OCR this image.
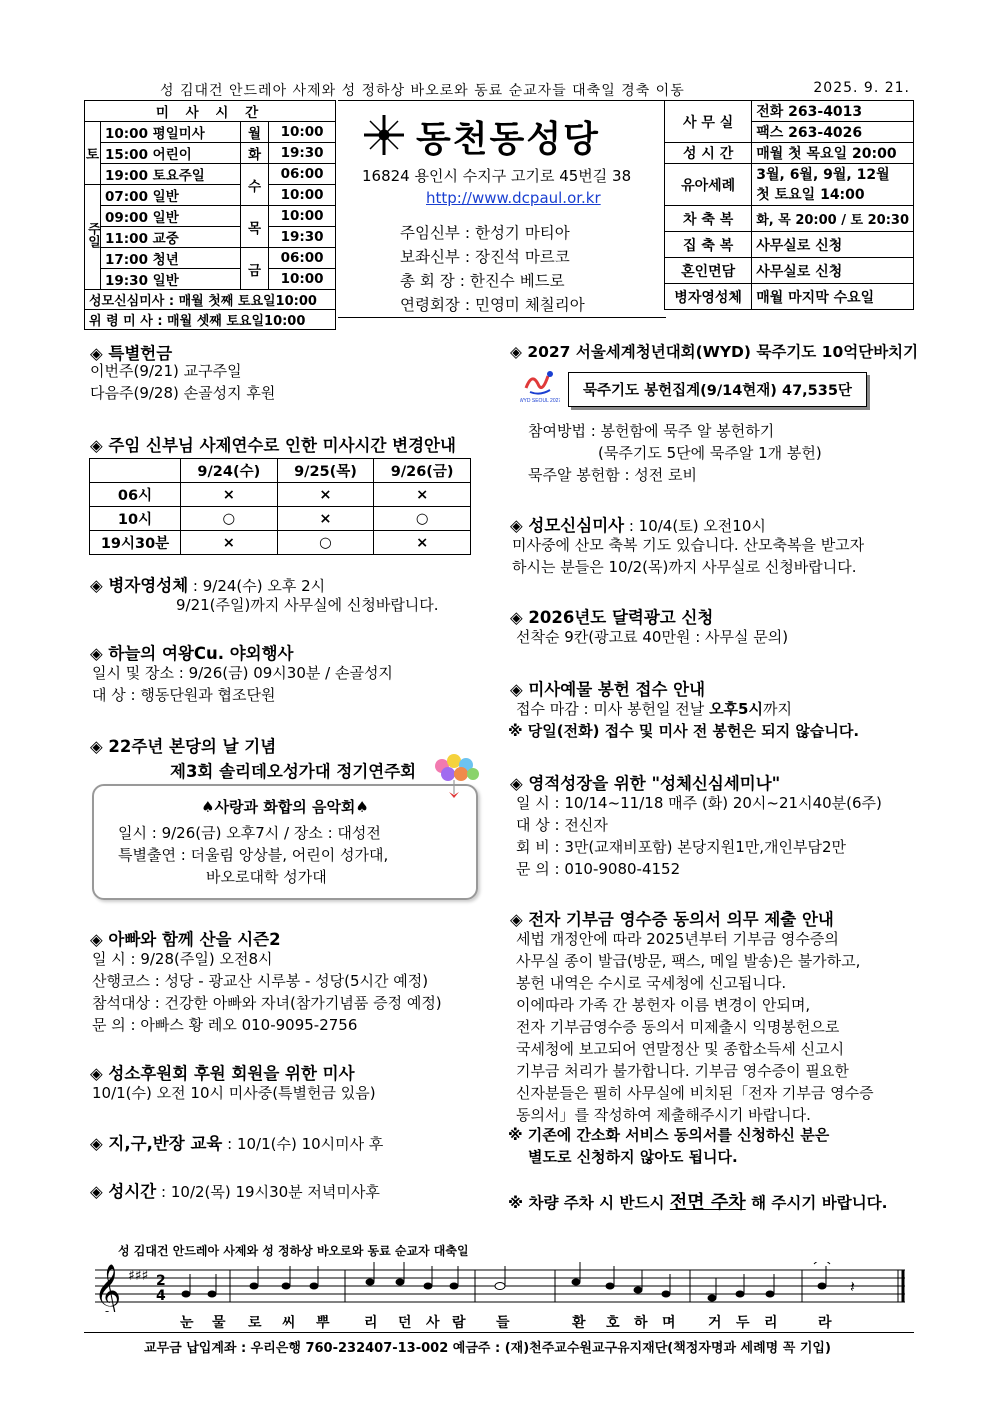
성 김대건 안드레아 사제와 성 정하상 바오로와 동료 순교자들 대축일 경축 이동	2025. 9. 21.
미 사 시 간			
토	10:00 평일미사	월	10:00
	15:00 어린이	화	19:30
	19:00 토요주일	수	06:00
주일	07:00 일반		10:00
	09:00 일반	목	10:00
	11:00 교중		19:30
	17:00 청년	금	06:00
	19:30 일반		10:00
성모신심미사 : 매월 첫째 토요일10:00			
위 령 미 사 : 매월 셋째 토요일10:00			
동천동성당
16824 용인시 수지구 고기로 45번길 38
http://www.dcpaul.or.kr
주임신부 : 한성기 마티아
보좌신부 : 장진석 마르코
총 회 장 : 한진수 베드로
연령회장 : 민영미 체칠리아
사 무 실	전화 263-4013
	팩스 263-4026
성 시 간	매월 첫 목요일 20:00
유아세례	3월, 6월, 9월, 12월
첫 토요일 14:00
차 축 복	화, 목 20:00 / 토 20:30
집 축 복	사무실로 신청
혼인면담	사무실로 신청
병자영성체	매월 마지막 수요일
◈ 특별헌금
이번주(9/21) 교구주일
다음주(9/28) 손골성지 후원
◈ 주임 신부님 사제연수로 인한 미사시간 변경안내
	9/24(수)	9/25(목)	9/26(금)
06시	×	×	×
10시	○	×	○
19시30분	×	○	×
◈ 병자영성체 : 9/24(수) 오후 2시
9/21(주일)까지 사무실에 신청바랍니다.
◈ 하늘의 여왕Cu. 야외행사
일시 및 장소 : 9/26(금) 09시30분 / 손골성지
대 상 : 행동단원과 협조단원
◈ 22주년 본당의 날 기념
제3회 솔리데오성가대 정기연주회
♠사랑과 화합의 음악회♠
일시 : 9/26(금) 오후7시 / 장소 : 대성전
특별출연 : 더울림 앙상블, 어린이 성가대,
바오로대학 성가대
◈ 아빠와 함께 산을 시즌2
일 시 : 9/28(주일) 오전8시
산행코스 : 성당 - 광교산 시루봉 - 성당(5시간 예정)
참석대상 : 건강한 아빠와 자녀(참가기념품 증정 예정)
문 의 : 아빠스 황 레오 010-9095-2756
◈ 성소후원회 후원 회원을 위한 미사
10/1(수) 오전 10시 미사중(특별헌금 있음)
◈ 지,구,반장 교육 : 10/1(수) 10시미사 후
◈ 성시간 : 10/2(목) 19시30분 저녁미사후
◈ 2027 서울세계청년대회(WYD) 묵주기도 10억단바치기
WYD SEOUL 2027
묵주기도 봉헌집계(9/14현재) 47,535단
참여방법 : 봉헌함에 묵주 알 봉헌하기
(묵주기도 5단에 묵주알 1개 봉헌)
묵주알 봉헌함 : 성전 로비
◈ 성모신심미사 : 10/4(토) 오전10시
미사중에 산모 축복 기도 있습니다. 산모축복을 받고자
하시는 분들은 10/2(목)까지 사무실로 신청바랍니다.
◈ 2026년도 달력광고 신청
선착순 9칸(광고료 40만원 : 사무실 문의)
◈ 미사예물 봉헌 접수 안내
접수 마감 : 미사 봉헌일 전날 오후5시까지
※ 당일(전화) 접수 및 미사 전 봉헌은 되지 않습니다.
◈ 영적성장을 위한 "성체신심세미나"
일 시 : 10/14~11/18 매주 (화) 20시~21시40분(6주)
대 상 : 전신자
회 비 : 3만(교재비포함) 본당지원1만,개인부담2만
문 의 : 010-9080-4152
◈ 전자 기부금 영수증 동의서 의무 제출 안내
세법 개정안에 따라 2025년부터 기부금 영수증의
사무실 종이 발급(방문, 팩스, 메일 발송)은 불가하고,
봉헌 내역은 수시로 국세청에 신고됩니다.
이에따라 가족 간 봉헌자 이름 변경이 안되며,
전자 기부금영수증 동의서 미제출시 익명봉헌으로
국세청에 보고되어 연말정산 및 종합소득세 신고시
기부금 처리가 불가합니다. 기부금 영수증이 필요한
신자분들은 필히 사무실에 비치된「전자 기부금 영수증
동의서」를 작성하여 제출해주시기 바랍니다.
※ 기존에 간소화 서비스 동의서를 신청하신 분은
별도로 신청하지 않아도 됩니다.
※ 차량 주차 시 반드시 전면 주차 해 주시기 바랍니다.
성 김대건 안드레아 사제와 성 정하상 바오로와 동료 순교자 대축일
𝄞 ♯♯♯ 2
4	𝄽
눈 물 로 씨 뿌 리 던 사 람 들	환 호 하 며 거 두 리	라
교무금 납입계좌 : 우리은행 760-232407-13-002 예금주 : (재)천주교수원교구유지재단(책정자명과 세례명 꼭 기입)
